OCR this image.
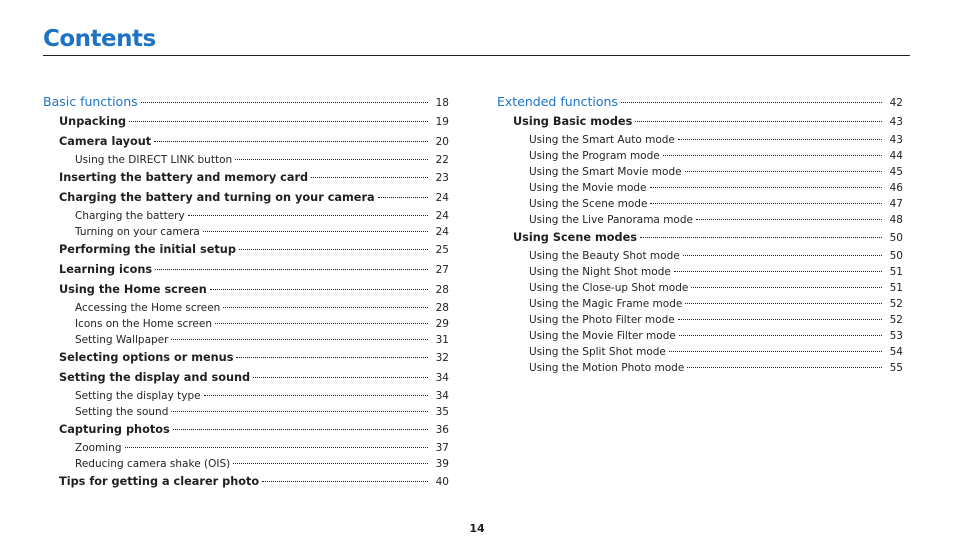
Contents
Basic functions	18
Unpacking	19
Camera layout	20
Using the DIRECT LINK button	22
Inserting the battery and memory card	23
Charging the battery and turning on your camera	24
Charging the battery	24
Turning on your camera	24
Performing the initial setup	25
Learning icons	27
Using the Home screen	28
Accessing the Home screen	28
Icons on the Home screen	29
Setting Wallpaper	31
Selecting options or menus	32
Setting the display and sound	34
Setting the display type	34
Setting the sound	35
Capturing photos	36
Zooming	37
Reducing camera shake (OIS)	39
Tips for getting a clearer photo	40
Extended functions	42
Using Basic modes	43
Using the Smart Auto mode	43
Using the Program mode	44
Using the Smart Movie mode	45
Using the Movie mode	46
Using the Scene mode	47
Using the Live Panorama mode	48
Using Scene modes	50
Using the Beauty Shot mode	50
Using the Night Shot mode	51
Using the Close-up Shot mode	51
Using the Magic Frame mode	52
Using the Photo Filter mode	52
Using the Movie Filter mode	53
Using the Split Shot mode	54
Using the Motion Photo mode	55
14
